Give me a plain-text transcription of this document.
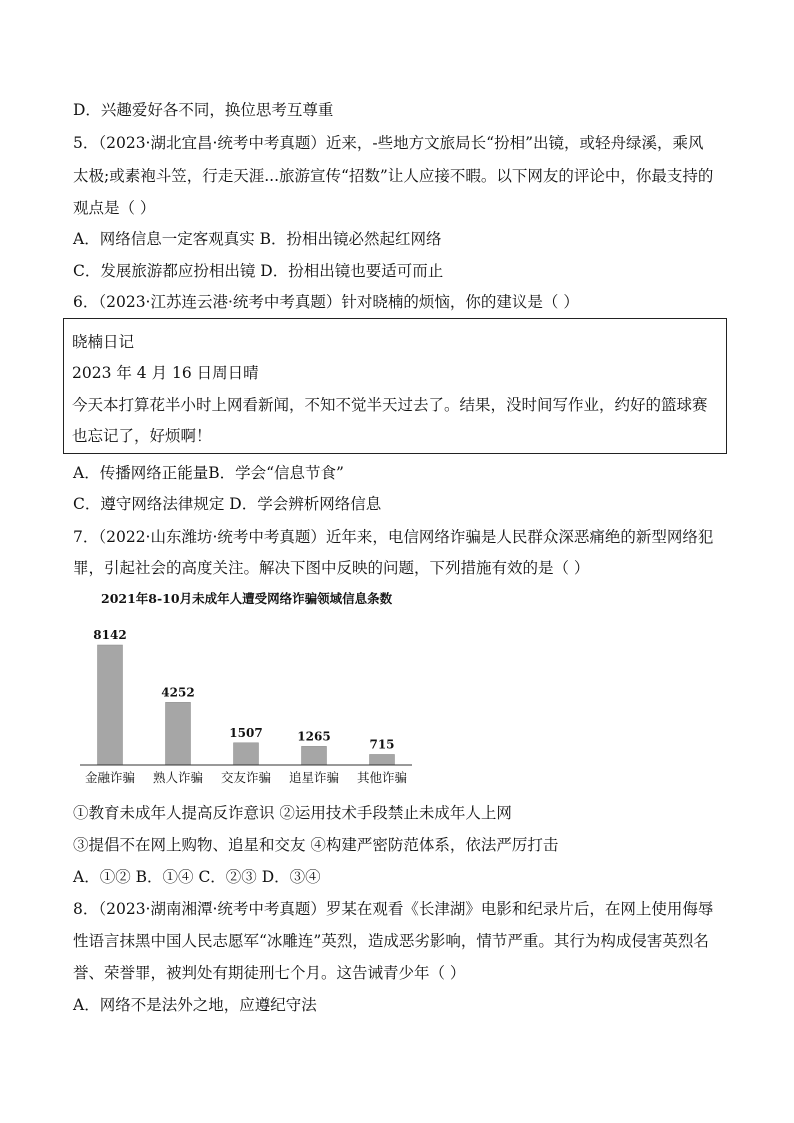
D．兴趣爱好各不同，换位思考互尊重
5．（2023·湖北宜昌·统考中考真题）近来，-些地方文旅局长“扮相”出镜，或轻舟绿溪，乘风
太极;或素袍斗笠，行走天涯...旅游宣传“招数”让人应接不暇。以下网友的评论中，你最支持的
观点是（ ）
A．网络信息一定客观真实 B．扮相出镜必然起红网络
C．发展旅游都应扮相出镜 D．扮相出镜也要适可而止
6．（2023·江苏连云港·统考中考真题）针对晓楠的烦恼，你的建议是（ ）
晓楠日记
2023 年 4 月 16 日周日晴
今天本打算花半小时上网看新闻，不知不觉半天过去了。结果，没时间写作业，约好的篮球赛
也忘记了，好烦啊！
A．传播网络正能量B．学会“信息节食”
C．遵守网络法律规定 D．学会辨析网络信息
7．（2022·山东潍坊·统考中考真题）近年来，电信网络诈骗是人民群众深恶痛绝的新型网络犯
罪，引起社会的高度关注。解决下图中反映的问题，下列措施有效的是（ ）
2021年8-10月未成年人遭受网络诈骗领域信息条数
8142
金融诈骗
4252
熟人诈骗
1507
交友诈骗
1265
追星诈骗
715
其他诈骗
①教育未成年人提高反诈意识 ②运用技术手段禁止未成年人上网
③提倡不在网上购物、追星和交友 ④构建严密防范体系，依法严厉打击
A．①② B．①④ C．②③ D．③④
8．（2023·湖南湘潭·统考中考真题）罗某在观看《长津湖》电影和纪录片后，在网上使用侮辱
性语言抹黑中国人民志愿军“冰雕连”英烈，造成恶劣影响，情节严重。其行为构成侵害英烈名
誉、荣誉罪，被判处有期徒刑七个月。这告诫青少年（ ）
A．网络不是法外之地，应遵纪守法
